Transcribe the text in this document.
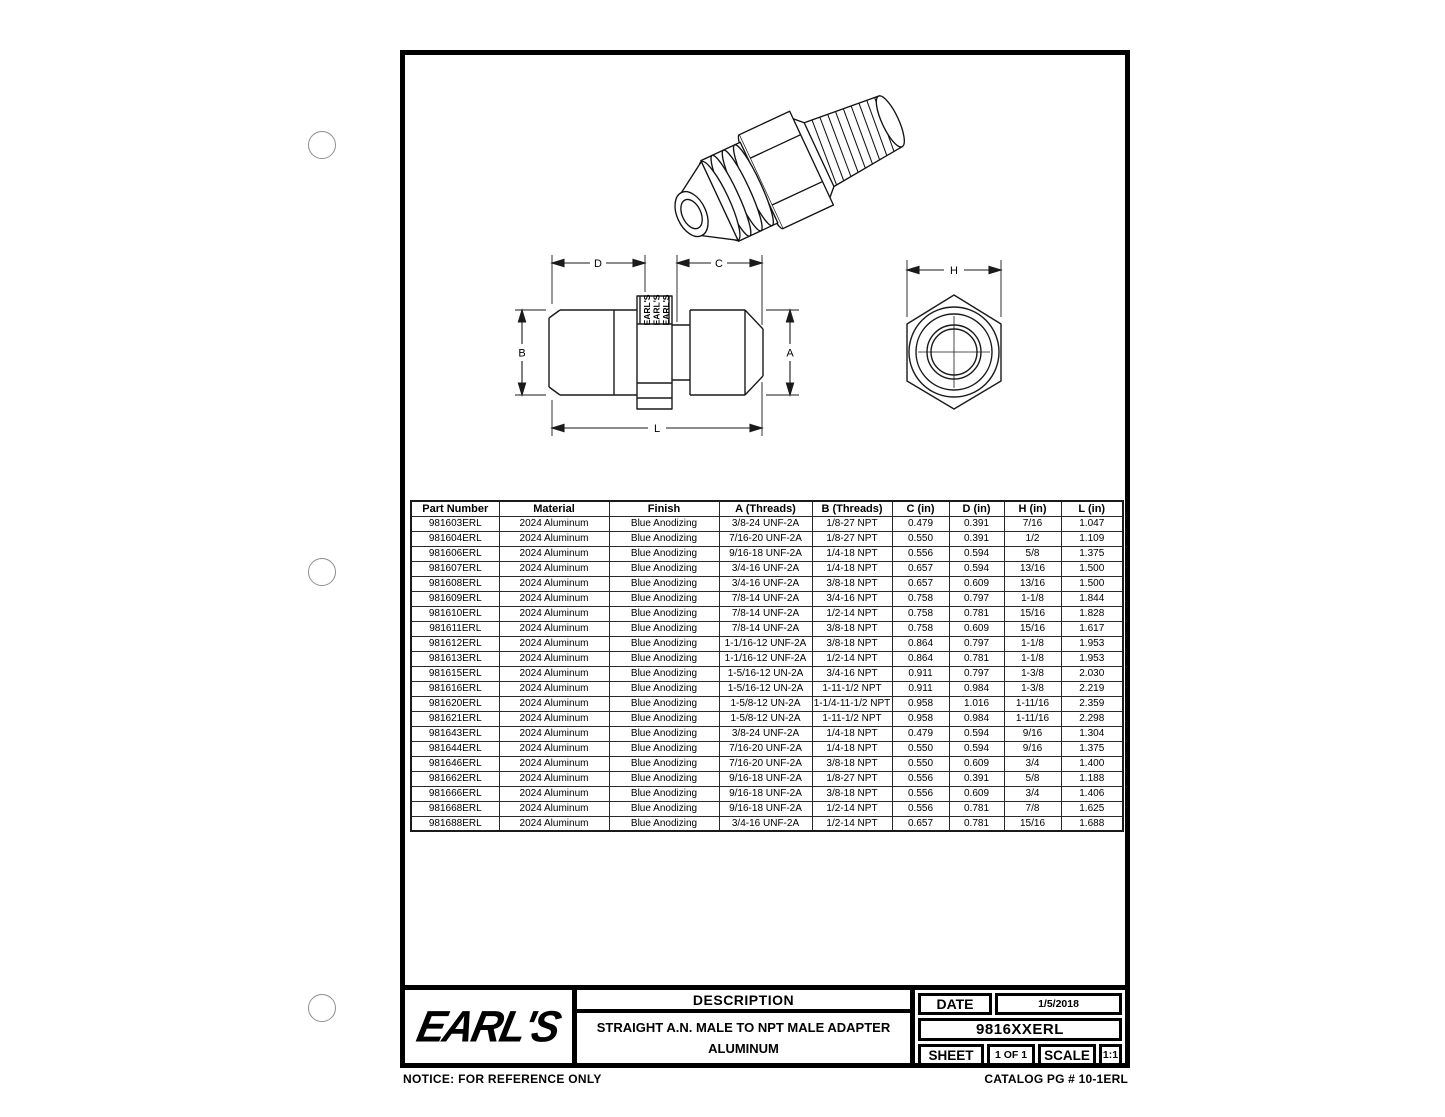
EARL'S EARL'S EARL'S
D	C
B	A
L
H
Part Number	Material	Finish	A (Threads)	B (Threads)	C (in)	D (in)	H (in)	L (in)
981603ERL	2024 Aluminum	Blue Anodizing	3/8-24 UNF-2A	1/8-27 NPT	0.479	0.391	7/16	1.047
981604ERL	2024 Aluminum	Blue Anodizing	7/16-20 UNF-2A	1/8-27 NPT	0.550	0.391	1/2	1.109
981606ERL	2024 Aluminum	Blue Anodizing	9/16-18 UNF-2A	1/4-18 NPT	0.556	0.594	5/8	1.375
981607ERL	2024 Aluminum	Blue Anodizing	3/4-16 UNF-2A	1/4-18 NPT	0.657	0.594	13/16	1.500
981608ERL	2024 Aluminum	Blue Anodizing	3/4-16 UNF-2A	3/8-18 NPT	0.657	0.609	13/16	1.500
981609ERL	2024 Aluminum	Blue Anodizing	7/8-14 UNF-2A	3/4-16 NPT	0.758	0.797	1-1/8	1.844
981610ERL	2024 Aluminum	Blue Anodizing	7/8-14 UNF-2A	1/2-14 NPT	0.758	0.781	15/16	1.828
981611ERL	2024 Aluminum	Blue Anodizing	7/8-14 UNF-2A	3/8-18 NPT	0.758	0.609	15/16	1.617
981612ERL	2024 Aluminum	Blue Anodizing	1-1/16-12 UNF-2A	3/8-18 NPT	0.864	0.797	1-1/8	1.953
981613ERL	2024 Aluminum	Blue Anodizing	1-1/16-12 UNF-2A	1/2-14 NPT	0.864	0.781	1-1/8	1.953
981615ERL	2024 Aluminum	Blue Anodizing	1-5/16-12 UN-2A	3/4-16 NPT	0.911	0.797	1-3/8	2.030
981616ERL	2024 Aluminum	Blue Anodizing	1-5/16-12 UN-2A	1-11-1/2 NPT	0.911	0.984	1-3/8	2.219
981620ERL	2024 Aluminum	Blue Anodizing	1-5/8-12 UN-2A	1-1/4-11-1/2 NPT	0.958	1.016	1-11/16	2.359
981621ERL	2024 Aluminum	Blue Anodizing	1-5/8-12 UN-2A	1-11-1/2 NPT	0.958	0.984	1-11/16	2.298
981643ERL	2024 Aluminum	Blue Anodizing	3/8-24 UNF-2A	1/4-18 NPT	0.479	0.594	9/16	1.304
981644ERL	2024 Aluminum	Blue Anodizing	7/16-20 UNF-2A	1/4-18 NPT	0.550	0.594	9/16	1.375
981646ERL	2024 Aluminum	Blue Anodizing	7/16-20 UNF-2A	3/8-18 NPT	0.550	0.609	3/4	1.400
981662ERL	2024 Aluminum	Blue Anodizing	9/16-18 UNF-2A	1/8-27 NPT	0.556	0.391	5/8	1.188
981666ERL	2024 Aluminum	Blue Anodizing	9/16-18 UNF-2A	3/8-18 NPT	0.556	0.609	3/4	1.406
981668ERL	2024 Aluminum	Blue Anodizing	9/16-18 UNF-2A	1/2-14 NPT	0.556	0.781	7/8	1.625
981688ERL	2024 Aluminum	Blue Anodizing	3/4-16 UNF-2A	1/2-14 NPT	0.657	0.781	15/16	1.688
EARL'S
DESCRIPTION
STRAIGHT A.N. MALE TO NPT MALE ADAPTER
ALUMINUM
DATE	1/5/2018
9816XXERL
SHEET	1 OF 1	SCALE	1:1
NOTICE: FOR REFERENCE ONLY	CATALOG PG # 10-1ERL
